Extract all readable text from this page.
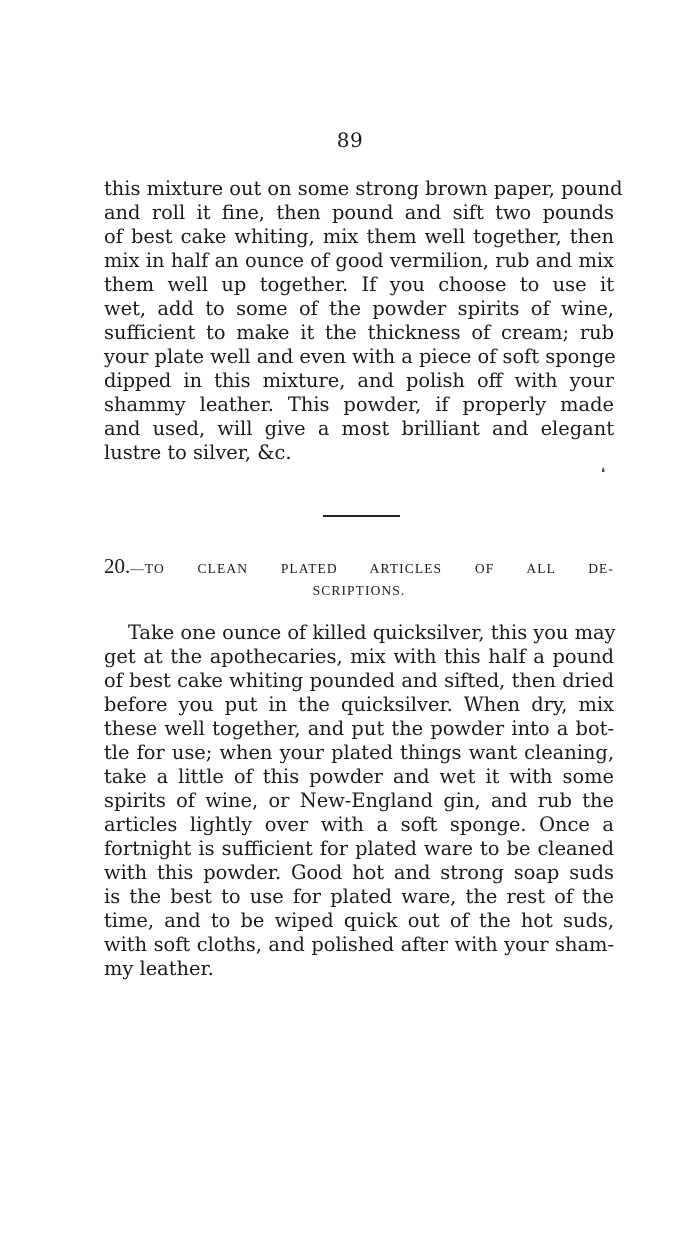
89
this mixture out on some strong brown paper, pound
and roll it fine, then pound and sift two pounds
of best cake whiting, mix them well together, then
mix in half an ounce of good vermilion, rub and mix
them well up together. If you choose to use it
wet, add to some of the powder spirits of wine,
sufficient to make it the thickness of cream; rub
your plate well and even with a piece of soft sponge
dipped in this mixture, and polish off with your
shammy leather. This powder, if properly made
and used, will give a most brilliant and elegant
lustre to silver, &c.
❛
20.—TO CLEAN PLATED ARTICLES OF ALL DE-
SCRIPTIONS.
Take one ounce of killed quicksilver, this you may
get at the apothecaries, mix with this half a pound
of best cake whiting pounded and sifted, then dried
before you put in the quicksilver. When dry, mix
these well together, and put the powder into a bot-
tle for use; when your plated things want cleaning,
take a little of this powder and wet it with some
spirits of wine, or New-England gin, and rub the
articles lightly over with a soft sponge. Once a
fortnight is sufficient for plated ware to be cleaned
with this powder. Good hot and strong soap suds
is the best to use for plated ware, the rest of the
time, and to be wiped quick out of the hot suds,
with soft cloths, and polished after with your sham-
my leather.
